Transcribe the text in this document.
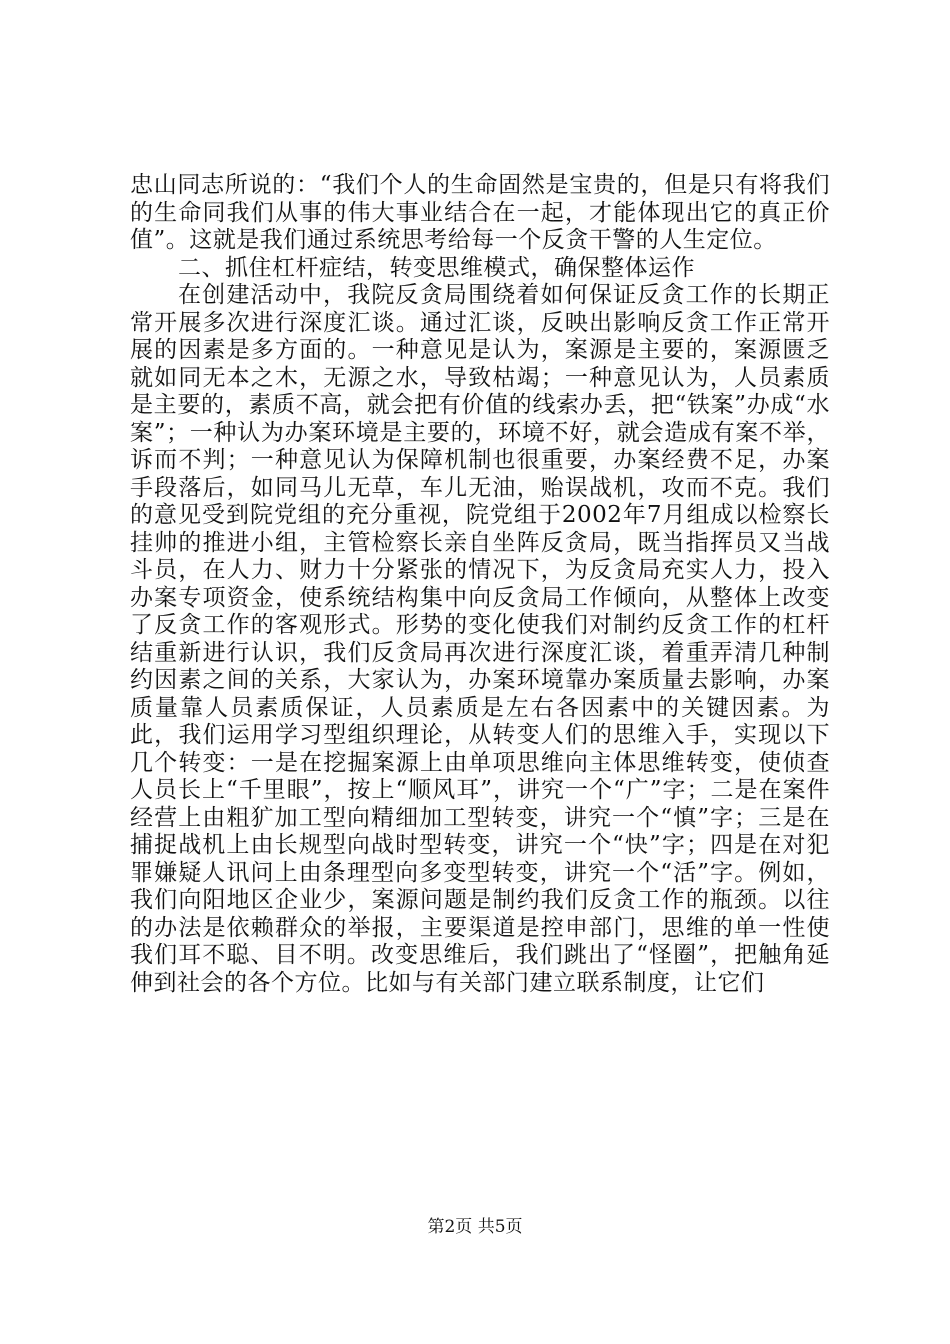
忠山同志所说的：“我们个人的生命固然是宝贵的，但是只有将我们的生命同我们从事的伟大事业结合在一起，才能体现出它的真正价值”。这就是我们通过系统思考给每一个反贪干警的人生定位。

二、抓住杠杆症结，转变思维模式，确保整体运作

在创建活动中，我院反贪局围绕着如何保证反贪工作的长期正常开展多次进行深度汇谈。通过汇谈，反映出影响反贪工作正常开展的因素是多方面的。一种意见是认为，案源是主要的，案源匮乏就如同无本之木，无源之水，导致枯竭；一种意见认为，人员素质是主要的，素质不高，就会把有价值的线索办丢，把“铁案”办成“水案”；一种认为办案环境是主要的，环境不好，就会造成有案不举，诉而不判；一种意见认为保障机制也很重要，办案经费不足，办案手段落后，如同马儿无草，车儿无油，贻误战机，攻而不克。我们的意见受到院党组的充分重视，院党组于2002年7月组成以检察长挂帅的推进小组，主管检察长亲自坐阵反贪局，既当指挥员又当战斗员，在人力、财力十分紧张的情况下，为反贪局充实人力，投入办案专项资金，使系统结构集中向反贪局工作倾向，从整体上改变了反贪工作的客观形式。形势的变化使我们对制约反贪工作的杠杆结重新进行认识，我们反贪局再次进行深度汇谈，着重弄清几种制约因素之间的关系，大家认为，办案环境靠办案质量去影响，办案质量靠人员素质保证，人员素质是左右各因素中的关键因素。为此，我们运用学习型组织理论，从转变人们的思维入手，实现以下几个转变：一是在挖掘案源上由单项思维向主体思维转变，使侦查人员长上“千里眼”，按上“顺风耳”，讲究一个“广”字；二是在案件经营上由粗犷加工型向精细加工型转变，讲究一个“慎”字；三是在捕捉战机上由长规型向战时型转变，讲究一个“快”字；四是在对犯罪嫌疑人讯问上由条理型向多变型转变，讲究一个“活”字。例如，我们向阳地区企业少，案源问题是制约我们反贪工作的瓶颈。以往的办法是依赖群众的举报，主要渠道是控申部门，思维的单一性使我们耳不聪、目不明。改变思维后，我们跳出了“怪圈”，把触角延伸到社会的各个方位。比如与有关部门建立联系制度，让它们

第2页 共5页
